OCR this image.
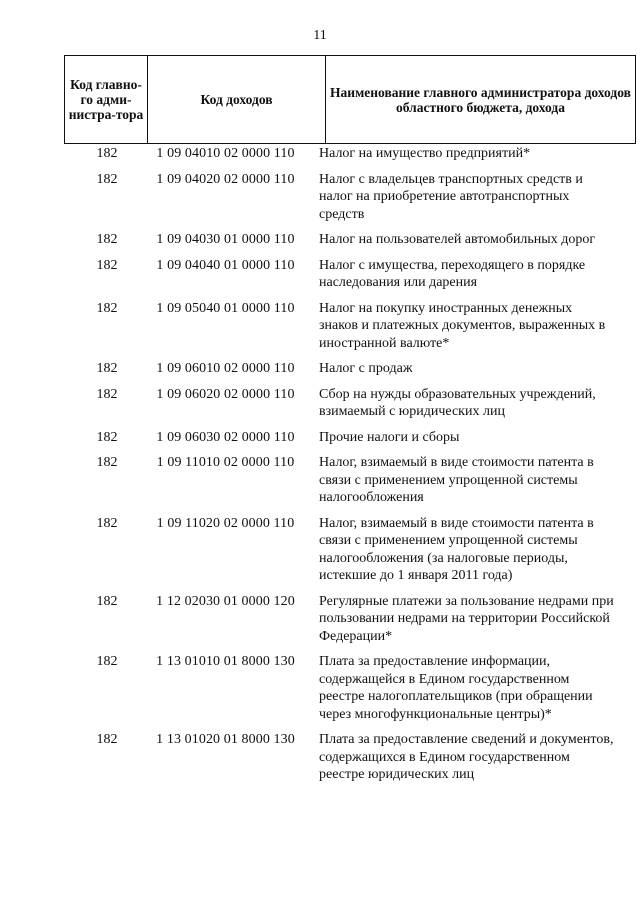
11
Код главно-го адми-нистра-тора	Код доходов	Наименование главного администратора доходов областного бюджета, дохода
182	1 09 04010 02 0000 110	Налог на имущество предприятий*
182	1 09 04020 02 0000 110	Налог с владельцев транспортных средств и налог на приобретение автотранспортных средств
182	1 09 04030 01 0000 110	Налог на пользователей автомобильных дорог
182	1 09 04040 01 0000 110	Налог с имущества, переходящего в порядке наследования или дарения
182	1 09 05040 01 0000 110	Налог на покупку иностранных денежных знаков и платежных документов, выраженных в иностранной валюте*
182	1 09 06010 02 0000 110	Налог с продаж
182	1 09 06020 02 0000 110	Сбор на нужды образовательных учреждений, взимаемый с юридических лиц
182	1 09 06030 02 0000 110	Прочие налоги и сборы
182	1 09 11010 02 0000 110	Налог, взимаемый в виде стоимости патента в связи с применением упрощенной системы налогообложения
182	1 09 11020 02 0000 110	Налог, взимаемый в виде стоимости патента в связи с применением упрощенной системы налогообложения (за налоговые периоды, истекшие до 1 января 2011 года)
182	1 12 02030 01 0000 120	Регулярные платежи за пользование недрами при пользовании недрами на территории Российской Федерации*
182	1 13 01010 01 8000 130	Плата за предоставление информации, содержащейся в Едином государственном реестре налогоплательщиков (при обращении через многофункциональные центры)*
182	1 13 01020 01 8000 130	Плата за предоставление сведений и документов, содержащихся в Едином государственном реестре юридических лиц
